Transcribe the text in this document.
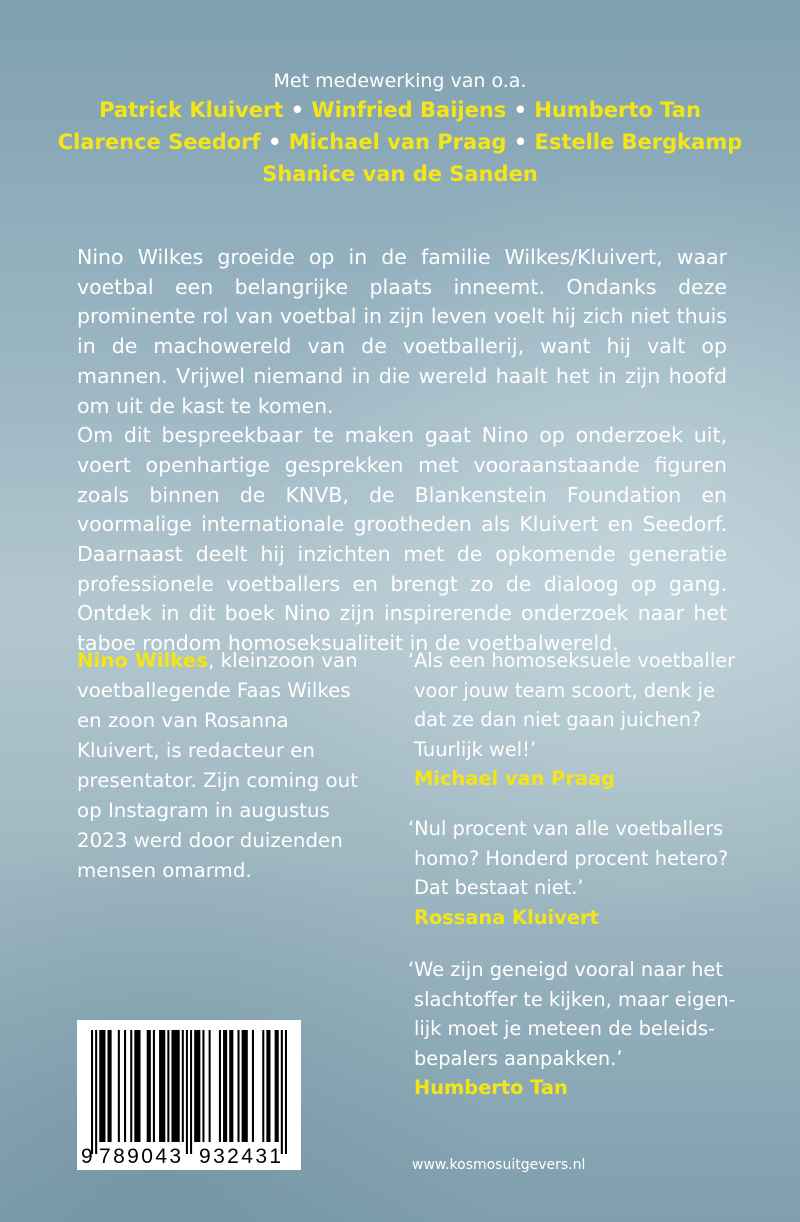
Met medewerking van o.a.
Patrick Kluivert • Winfried Baijens • Humberto Tan
Clarence Seedorf • Michael van Praag • Estelle Bergkamp
Shanice van de Sanden

Nino Wilkes groeide op in de familie Wilkes/Kluivert, waar voetbal een belangrijke plaats inneemt. Ondanks deze prominente rol van voetbal in zijn leven voelt hij zich niet thuis in de machowereld van de voetballerij, want hij valt op mannen. Vrijwel niemand in die wereld haalt het in zijn hoofd om uit de kast te komen.

Om dit bespreekbaar te maken gaat Nino op onderzoek uit, voert openhartige gesprekken met vooraanstaande figuren zoals binnen de KNVB, de Blankenstein Foundation en voormalige internationale grootheden als Kluivert en Seedorf. Daarnaast deelt hij inzichten met de opkomende generatie professionele voetballers en brengt zo de dialoog op gang. Ontdek in dit boek Nino zijn inspirerende onderzoek naar het taboe rondom homoseksualiteit in de voetbalwereld.

Nino Wilkes, kleinzoon van voetballegende Faas Wilkes en zoon van Rosanna Kluivert, is redacteur en presentator. Zijn coming out op Instagram in augustus 2023 werd door duizenden mensen omarmd.
‘Als een homoseksuele voetballer voor jouw team scoort, denk je dat ze dan niet gaan juichen? Tuurlijk wel!’
Michael van Praag
‘Nul procent van alle voetballers homo? Honderd procent hetero? Dat bestaat niet.’
Rossana Kluivert
‘We zijn geneigd vooral naar het slachtoffer te kijken, maar eigenlijk moet je meteen de beleidsbepalers aanpakken.’
Humberto Tan
9 789043 932431	www.kosmosuitgevers.nl
